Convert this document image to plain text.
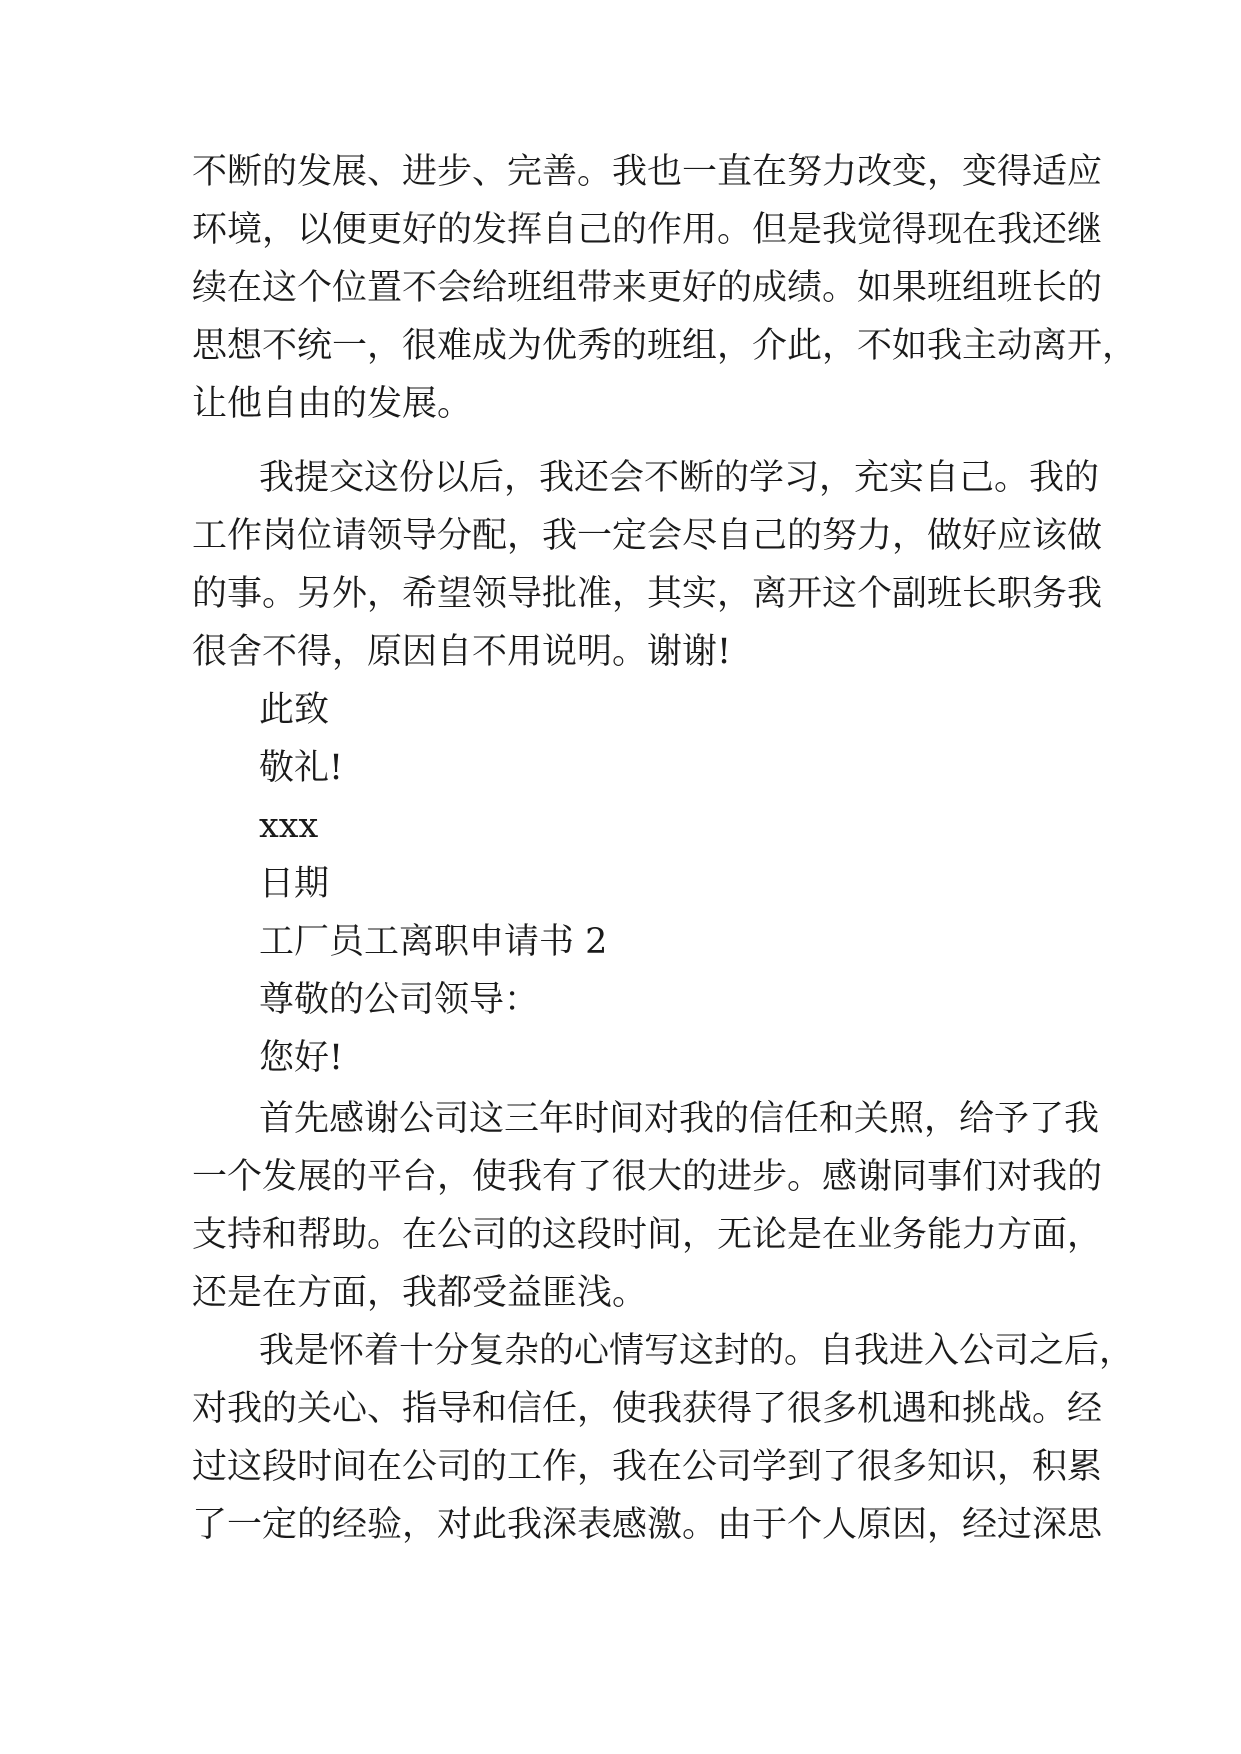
不断的发展、进步、完善。我也一直在努力改变，变得适应

环境，以便更好的发挥自己的作用。但是我觉得现在我还继

续在这个位置不会给班组带来更好的成绩。如果班组班长的

思想不统一，很难成为优秀的班组，介此，不如我主动离开，

让他自由的发展。

我提交这份以后，我还会不断的学习，充实自己。我的

工作岗位请领导分配，我一定会尽自己的努力，做好应该做

的事。另外，希望领导批准，其实，离开这个副班长职务我

很舍不得，原因自不用说明。谢谢!

此致

敬礼!

xxx

日期

工厂员工离职申请书 2

尊敬的公司领导：

您好!

首先感谢公司这三年时间对我的信任和关照，给予了我

一个发展的平台，使我有了很大的进步。感谢同事们对我的

支持和帮助。在公司的这段时间，无论是在业务能力方面，

还是在方面，我都受益匪浅。

我是怀着十分复杂的心情写这封的。自我进入公司之后，

对我的关心、指导和信任，使我获得了很多机遇和挑战。经

过这段时间在公司的工作，我在公司学到了很多知识，积累

了一定的经验，对此我深表感激。由于个人原因，经过深思
